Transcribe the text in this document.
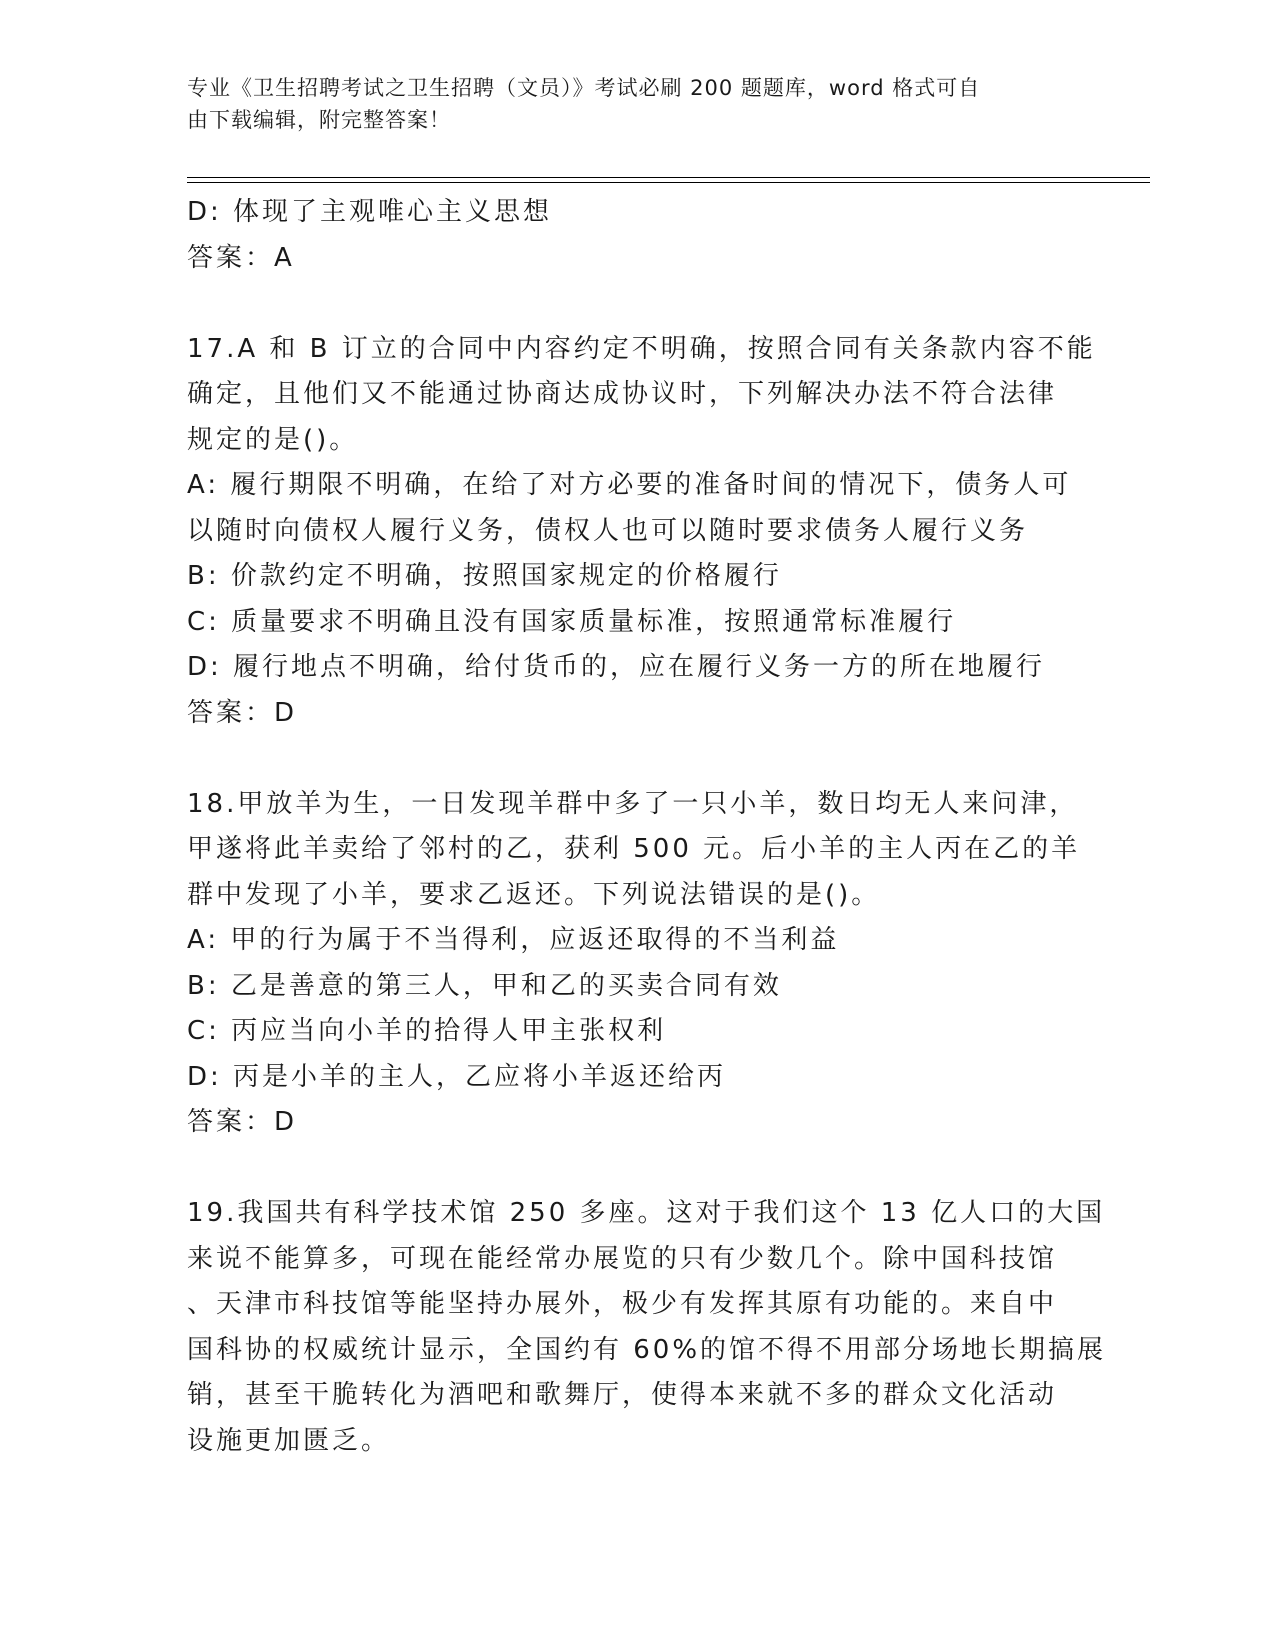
专业《卫生招聘考试之卫生招聘（文员）》考试必刷 200 题题库，word 格式可自
由下载编辑，附完整答案！
D: 体现了主观唯心主义思想
答案：A
17.A 和 B 订立的合同中内容约定不明确，按照合同有关条款内容不能
确定，且他们又不能通过协商达成协议时，下列解决办法不符合法律
规定的是()。
A: 履行期限不明确，在给了对方必要的准备时间的情况下，债务人可
以随时向债权人履行义务，债权人也可以随时要求债务人履行义务
B: 价款约定不明确，按照国家规定的价格履行
C: 质量要求不明确且没有国家质量标准，按照通常标准履行
D: 履行地点不明确，给付货币的，应在履行义务一方的所在地履行
答案：D
18.甲放羊为生，一日发现羊群中多了一只小羊，数日均无人来问津，
甲遂将此羊卖给了邻村的乙，获利 500 元。后小羊的主人丙在乙的羊
群中发现了小羊，要求乙返还。下列说法错误的是()。
A: 甲的行为属于不当得利，应返还取得的不当利益
B: 乙是善意的第三人，甲和乙的买卖合同有效
C: 丙应当向小羊的拾得人甲主张权利
D: 丙是小羊的主人，乙应将小羊返还给丙
答案：D
19.我国共有科学技术馆 250 多座。这对于我们这个 13 亿人口的大国
来说不能算多，可现在能经常办展览的只有少数几个。除中国科技馆
、天津市科技馆等能坚持办展外，极少有发挥其原有功能的。来自中
国科协的权威统计显示，全国约有 60%的馆不得不用部分场地长期搞展
销，甚至干脆转化为酒吧和歌舞厅，使得本来就不多的群众文化活动
设施更加匮乏。
